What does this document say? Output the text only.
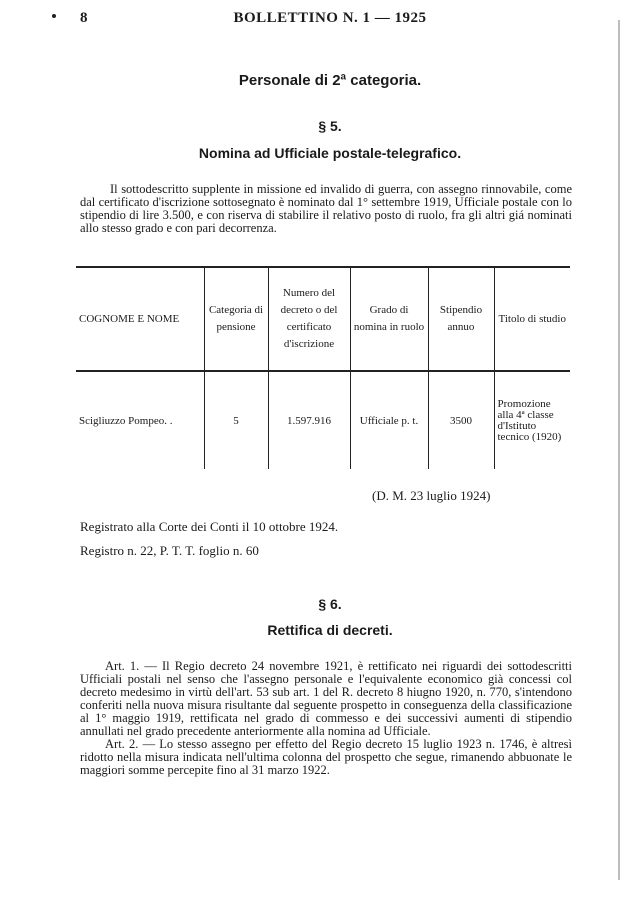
8	BOLLETTINO N. 1 — 1925
Personale di 2ª categoria.
§ 5.
Nomina ad Ufficiale postale-telegrafico.
Il sottodescritto supplente in missione ed invalido di guerra, con assegno rinnovabile, come dal certificato d'iscrizione sottosegnato è nominato dal 1° settembre 1919, Ufficiale postale con lo stipendio di lire 3.500, e con riserva di stabilire il relativo posto di ruolo, fra gli altri giá nominati allo stesso grado e con pari decorrenza.
COGNOME E NOME	Categoria di pensione	Numero del decreto o del certificato d'iscrizione	Grado di nomina in ruolo	Stipendio annuo	Titolo di studio
Scigliuzzo Pompeo. .	5	1.597.916	Ufficiale p. t.	3500	Promozione alla 4ª classe d'Istituto tecnico (1920)
(D. M. 23 luglio 1924)
Registrato alla Corte dei Conti il 10 ottobre 1924.
Registro n. 22, P. T. T. foglio n. 60
§ 6.
Rettifica di decreti.
Art. 1. — Il Regio decreto 24 novembre 1921, è rettificato nei riguardi dei sottodescritti Ufficiali postali nel senso che l'assegno personale e l'equivalente economico già concessi col decreto medesimo in virtù dell'art. 53 sub art. 1 del R. decreto 8 hiugno 1920, n. 770, s'intendono conferiti nella nuova misura risultante dal seguente prospetto in conseguenza della classificazione al 1° maggio 1919, rettificata nel grado di commesso e dei successivi aumenti di stipendio annullati nel grado precedente anteriormente alla nomina ad Ufficiale.
Art. 2. — Lo stesso assegno per effetto del Regio decreto 15 luglio 1923 n. 1746, è altresì ridotto nella misura indicata nell'ultima colonna del prospetto che segue, rimanendo abbuonate le maggiori somme percepite fino al 31 marzo 1922.
